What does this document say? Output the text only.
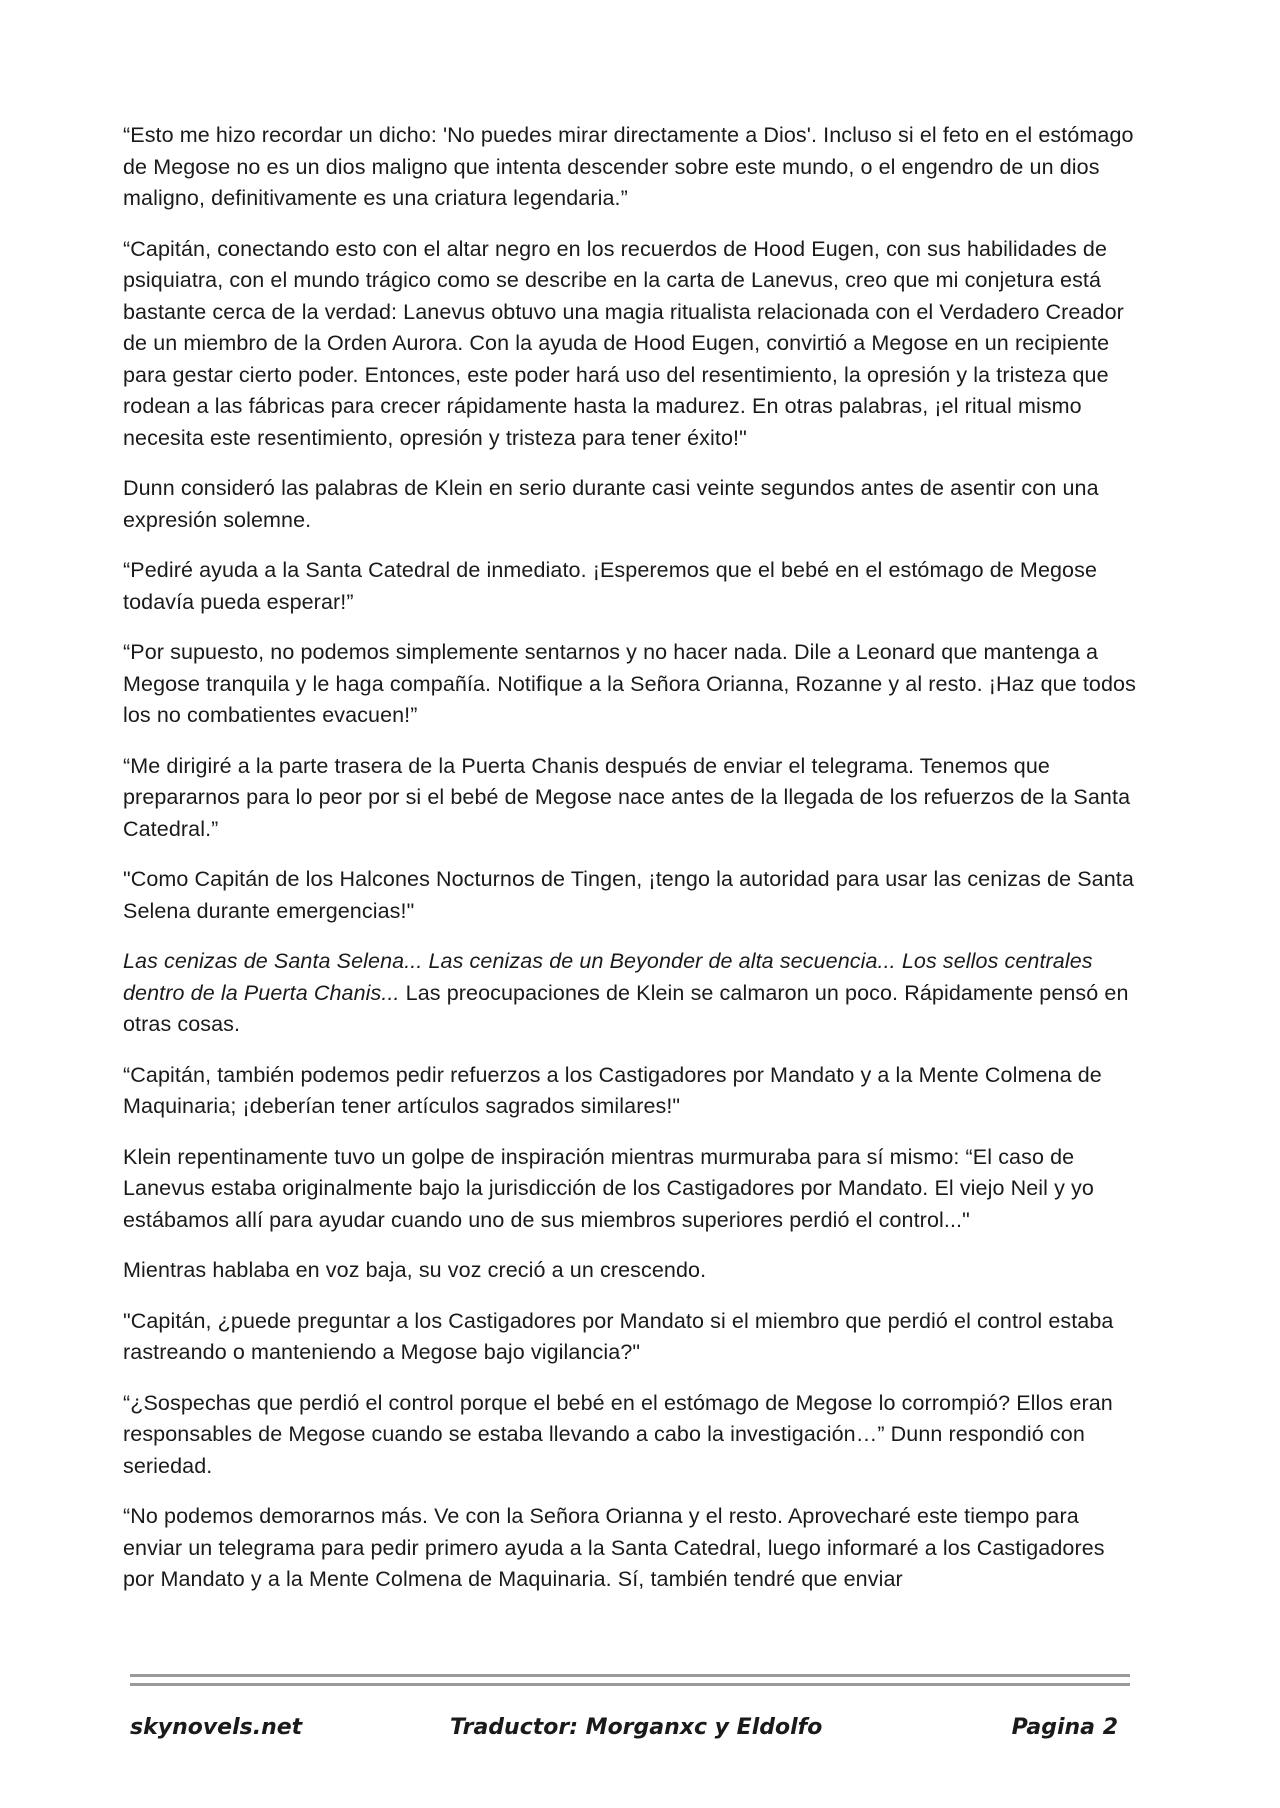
“Esto me hizo recordar un dicho: 'No puedes mirar directamente a Dios'. Incluso si el feto en el estómago de Megose no es un dios maligno que intenta descender sobre este mundo, o el engendro de un dios maligno, definitivamente es una criatura legendaria.”

“Capitán, conectando esto con el altar negro en los recuerdos de Hood Eugen, con sus habilidades de psiquiatra, con el mundo trágico como se describe en la carta de Lanevus, creo que mi conjetura está bastante cerca de la verdad: Lanevus obtuvo una magia ritualista relacionada con el Verdadero Creador de un miembro de la Orden Aurora. Con la ayuda de Hood Eugen, convirtió a Megose en un recipiente para gestar cierto poder. Entonces, este poder hará uso del resentimiento, la opresión y la tristeza que rodean a las fábricas para crecer rápidamente hasta la madurez. En otras palabras, ¡el ritual mismo necesita este resentimiento, opresión y tristeza para tener éxito!"

Dunn consideró las palabras de Klein en serio durante casi veinte segundos antes de asentir con una expresión solemne.

“Pediré ayuda a la Santa Catedral de inmediato. ¡Esperemos que el bebé en el estómago de Megose todavía pueda esperar!”

“Por supuesto, no podemos simplemente sentarnos y no hacer nada. Dile a Leonard que mantenga a Megose tranquila y le haga compañía. Notifique a la Señora Orianna, Rozanne y al resto. ¡Haz que todos los no combatientes evacuen!”

“Me dirigiré a la parte trasera de la Puerta Chanis después de enviar el telegrama. Tenemos que prepararnos para lo peor por si el bebé de Megose nace antes de la llegada de los refuerzos de la Santa Catedral.”

"Como Capitán de los Halcones Nocturnos de Tingen, ¡tengo la autoridad para usar las cenizas de Santa Selena durante emergencias!"

Las cenizas de Santa Selena... Las cenizas de un Beyonder de alta secuencia... Los sellos centrales dentro de la Puerta Chanis... Las preocupaciones de Klein se calmaron un poco. Rápidamente pensó en otras cosas.

“Capitán, también podemos pedir refuerzos a los Castigadores por Mandato y a la Mente Colmena de Maquinaria; ¡deberían tener artículos sagrados similares!"

Klein repentinamente tuvo un golpe de inspiración mientras murmuraba para sí mismo: “El caso de Lanevus estaba originalmente bajo la jurisdicción de los Castigadores por Mandato. El viejo Neil y yo estábamos allí para ayudar cuando uno de sus miembros superiores perdió el control..."

Mientras hablaba en voz baja, su voz creció a un crescendo.

"Capitán, ¿puede preguntar a los Castigadores por Mandato si el miembro que perdió el control estaba rastreando o manteniendo a Megose bajo vigilancia?"

“¿Sospechas que perdió el control porque el bebé en el estómago de Megose lo corrompió? Ellos eran responsables de Megose cuando se estaba llevando a cabo la investigación…” Dunn respondió con seriedad.

“No podemos demorarnos más. Ve con la Señora Orianna y el resto. Aprovecharé este tiempo para enviar un telegrama para pedir primero ayuda a la Santa Catedral, luego informaré a los Castigadores por Mandato y a la Mente Colmena de Maquinaria. Sí, también tendré que enviar

skynovels.net	Traductor: Morganxc y Eldolfo	Pagina 2
